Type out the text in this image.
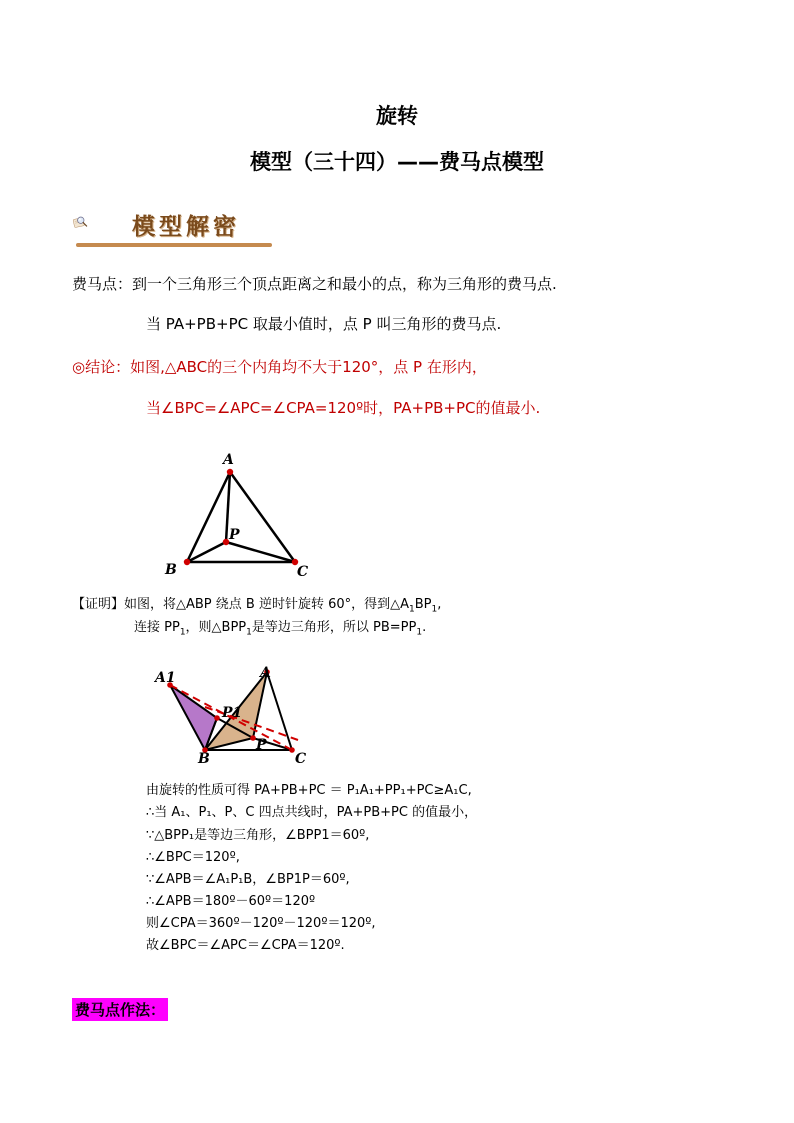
旋转
模型（三十四）——费马点模型
模型解密
费马点：到一个三角形三个顶点距离之和最小的点，称为三角形的费马点.
当 PA+PB+PC 取最小值时，点 P 叫三角形的费马点.
◎结论：如图,△ABC的三个内角均不大于120°，点 P 在形内，
当∠BPC=∠APC=∠CPA=120º时，PA+PB+PC的值最小.
A
B	C
P
【证明】如图，将△ABP 绕点 B 逆时针旋转 60°，得到$\triangle A_1BP_1$,
连接 $PP_1$，则$\triangle BPP_1$是等边三角形，所以 $PB=PP_1$.
A1	A
P1
P
B	C
由旋转的性质可得 PA+PB+PC ＝ P₁A₁+PP₁+PC≥A₁C,
∴当 A₁、P₁、P、C 四点共线时，PA+PB+PC 的值最小，
∵△BPP₁是等边三角形，∠BPP1＝60º,
∴∠BPC＝120º,
∵∠APB＝∠A₁P₁B，∠BP1P＝60º,
∴∠APB＝180º－60º＝120º
则∠CPA＝360º－120º－120º＝120º,
故∠BPC＝∠APC＝∠CPA＝120º.
费马点作法：
